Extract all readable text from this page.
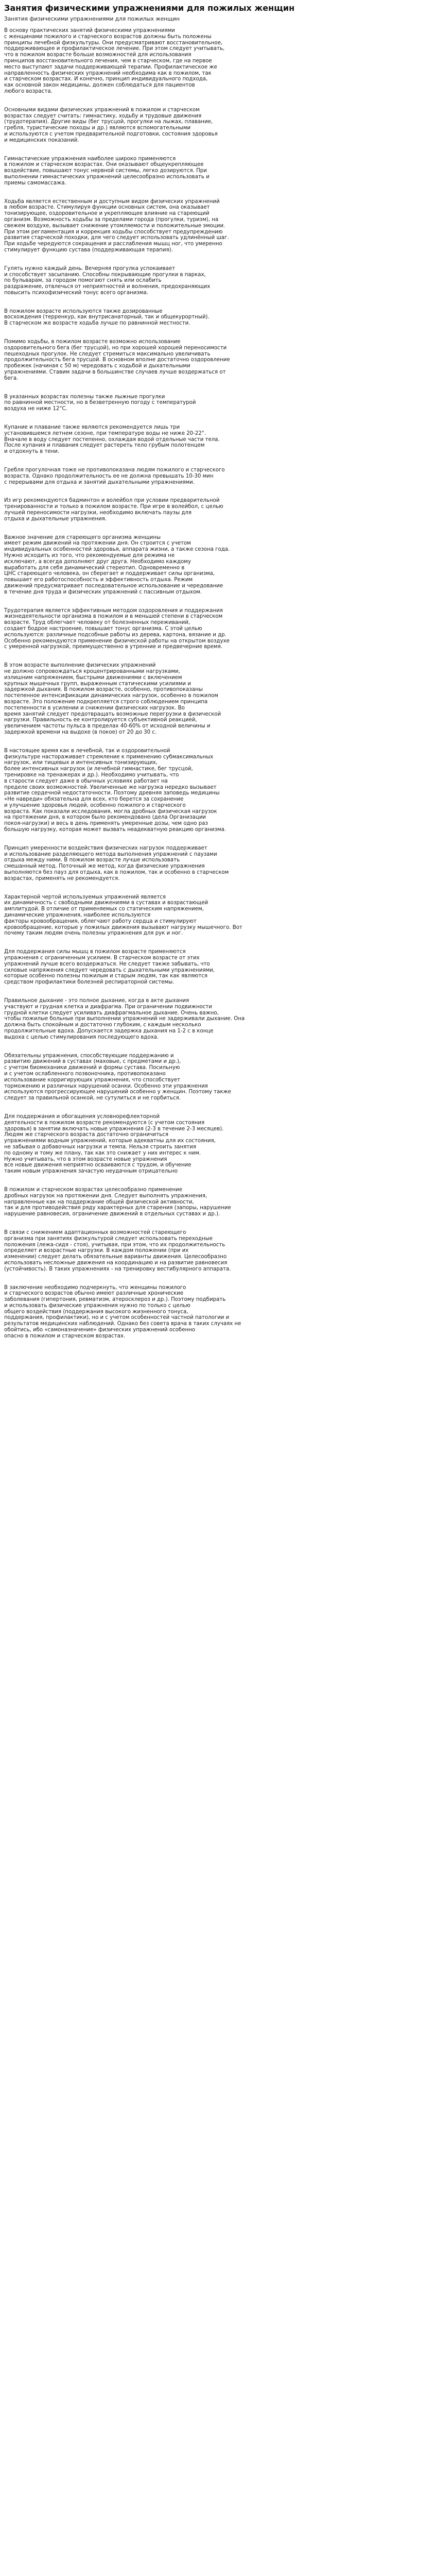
Занятия физическими упражнениями для пожилых женщин
Занятия физическими упражнениями для пожилых женщин

В основу практических занятий физическими упражнениями
с женщинами пожилого и старческого возрастов должны быть положены
принципы лечебной физкультуры. Они предусматривают восстановительное,
поддерживающее и профилактическое лечение. При этом следует учитывать,
что в пожилом возрасте больше возможностей для использования
принципов восстановительного лечения, чем в старческом, где на первое
место выступают задачи поддерживающей терапии. Профилактическое же
направленность физических упражнений необходима как в пожилом, так
и старческом возрастах. И конечно, принцип индивидуального подхода,
как основной закон медицины, должен соблюдаться для пациентов
любого возраста.

Основными видами физических упражнений в пожилом и старческом
возрастах следует считать: гимнастику, ходьбу и трудовые движения
(трудотерапия). Другие виды (бег трусцой, прогулки на лыжах, плавание,
гребля, туристические походы и др.) являются вспомогательными
и используются с учетом предварительной подготовки, состояния здоровья
и медицинских показаний.

Гимнастические упражнения наиболее широко применяются
в пожилом и старческом возрастах. Они оказывают общеукрепляющее
воздействие, повышают тонус нервной системы, легко дозируются. При
выполнении гимнастических упражнений целесообразно использовать и
приемы самомассажа.

Ходьба является естественным и доступным видом физических упражнений
в любом возрасте. Стимулируя функции основных систем, она оказывает
тонизирующее, оздоровительное и укрепляющее влияние на стареющий
организм. Возможность ходьбы за пределами города (прогулки, туризм), на
свежем воздухе, вызывает снижение утомляемости и положительные эмоции.
При этом регламентация и коррекция ходьбы способствует предупреждению
развития старческой походки, для чего следует использовать удлинённый шаг.
При ходьбе чередуются сокращения и расслабления мышц ног, что умеренно
стимулирует функцию сустава (поддерживающая терапия).

Гулять нужно каждый день. Вечерняя прогулка успокаивает
и способствует засыпанию. Способны покрывающие прогулки в парках,
по бульварам, за городом помогают снять или ослабить
раздражение, отвлечься от неприятностей и волнения, предохраняющих
повысить психофизический тонус всего организма.

В пожилом возрасте используются также дозированные
восхождения (терренкур, как внутрисанаторный, так и общекурортный).
В старческом же возрасте ходьба лучше по равнинной местности.

Помимо ходьбы, в пожилом возрасте возможно использование
оздоровительного бега (бег трусцой), но при хорошей хорошей переносимости
пешеходных прогулок. Не следует стремиться максимально увеличивать
продолжительность бега трусцой. В основном вполне достаточно оздоровление
пробежек (начиная с 50 м) чередовать с ходьбой и дыхательными
упражнениями. Ставим задачи в большинстве случаев лучше воздержаться от
бега.

В указанных возрастах полезны также лыжные прогулки
по равнинной местности, но в безветренную погоду с температурой
воздуха не ниже 12°С.

Купание и плавание также являются рекомендуется лишь три
установившемся летнем сезоне, при температуре воды не ниже 20-22°.
Вначале в воду следует постепенно, охлаждая водой отдельные части тела.
После купания и плавания следует растереть тело грубым полотенцем
и отдохнуть в тени.

Гребля прогулочная тоже не противопоказана людям пожилого и старческого
возраста. Однако продолжительность ее не должна превышать 10-30 мин
с перерывами для отдыха и занятий дыхательными упражнениями.

Из игр рекомендуются бадминтон и волейбол при условии предварительной
тренированности и только в пожилом возрасте. При игре в волейбол, с целью
лучшей переносимости нагрузки, необходимо включать паузы для
отдыха и дыхательные упражнения.

Важное значение для стареющего организма женщины
имеет режим движений на протяжении дня. Он строится с учетом
индивидуальных особенностей здоровья, аппарата жизни, а также сезона года.
Нужно исходить из того, что рекомендуемые для режима не
исключают, а всегда дополняют друг друга. Необходимо каждому
выработать для себя динамический стереотип. Одновременно в
ЦНС стареющего человека, он сберегает и поддерживает силы организма,
повышает его работоспособность и эффективность отдыха. Режим
движений предусматривает последовательное использование и чередование
в течение дня труда и физических упражнений с пассивным отдыхом.

Трудотерапия является эффективным методом оздоровления и поддержания
жизнедеятельности организма в пожилом и в меньшей степени в старческом
возрасте. Труд облегчает человеку от болезненных переживаний,
создает бодрое настроение, повышает тонус организма. С этой целью
используются: различные подсобные работы из дерева, картона, вязание и др.
Особенно рекомендуются применение физической работы на открытом воздухе
с умеренной нагрузкой, преимущественно в утренние и предвечерние время.

В этом возрасте выполнение физических упражнений
не должно сопровождаться кроцентрированными нагрузками,
излишним напряжением, быстрыми движениями с включением
крупных мышечных групп, выраженным статическими усилиями и
задержкой дыхания. В пожилом возрасте, особенно, противопоказаны
постепенное интенсификации динамических нагрузок, особенно в пожилом
возрасте. Это положение подкрепляется строго соблюдением принципа
постепенности в усилении и снижении физических нагрузок. Во
время занятий следует предотвращать возможные перегрузки в физической
нагрузки. Правильность ее контролируется субъективной реакцией,
увеличением частоты пульса в пределах 40-60% от исходной величины и
задержкой времени на выдохе (в покое) от 20 до 30 с.

В настоящее время как в лечебной, так и оздоровительной
физкультуре настораживает стремление к применению субмаксимальных
нагрузок, или тищевых и интенсивных тонизирующих,
более интенсивных нагрузок (и лечебной гимнастике, бег трусцой,
тренировке на тренажерах и др.). Необходимо учитывать, что
в старости следует даже в обычных условиях работает на
пределе своих возможностей. Увеличенные же нагрузка нередко вызывает
развитие сердечной недостаточности. Поэтому древняя заповедь медицины
«Не навреди» обязательна для всех, кто берется за сохранение
и улучшение здоровья людей, особенно пожилого и старческого
возраста. Как показали исследования, могла дробных физическая нагрузок
на протяжении дня, в котором было рекомендовано (дела Организации
покоя-нагрузки) и весь в день применять умеренные дозы, чем одно раз
большую нагрузку, которая может вызвать неадекватную реакцию организма.

Принцип умеренности воздействия физических нагрузок поддерживает
и использование разделяющего метода выполнения упражнений с паузами
отдыха между ними. В пожилом возрасте лучше использовать
смешанный метод. Поточный же метод, когда физические упражнения
выполняются без пауз для отдыха, как в пожилом, так и особенно в старческом
возрастах, применять не рекомендуется.

Характерной чертой используемых упражнений является
их динамичность с свободными движениями в суставах и возрастающей
амплитудой. В отличие от применяемых со статическим напряжением,
динамические упражнения, наиболее используются
факторы кровообращения, облегчают работу сердца и стимулируют
кровообращение, которые у пожилых движения вызывают нагрузку мышечного. Вот
почему таким людям очень полезны упражнения для рук и ног.

Для поддержания силы мышц в пожилом возрасте применяются
упражнения с ограниченным усилием. В старческом возрасте от этих
упражнений лучше всего воздержаться. Не следует также забывать, что
силовые напряжения следует чередовать с дыхательными упражнениями,
которые особенно полезны пожилым и старым людям, так как являются
средством профилактики болезней респираторной системы.

Правильное дыхание - это полное дыхание, когда в акте дыхания
участвуют и грудная клетка и диафрагма. При ограничении подвижности
грудной клетки следует усиливать диафрагмальное дыхание. Очень важно,
чтобы пожилые больные при выполнении упражнений не задерживали дыхание. Она
должна быть спокойным и достаточно глубоким, с каждым несколько
продолжительные вдоха. Допускается задержка дыхания на 1-2 с в конце
выдоха с целью стимулирования последующего вдоха.

Обязательны упражнения, способствующие поддержанию и
развитию движений в суставах (маховые, с предметами и др.),
с учетом биомеханики движений и формы сустава. Посильную
и с учетом ослабленного позвоночника, противопоказано
использование корригирующих упражнения, что способствует
торможению и различных нарушений осанки. Особенно эти упражнения
используются прогрессирующее нарушений особенно у женщин. Поэтому также
следует за правильной осанкой, не сутулиться и не горбиться.

Для поддержания и обогащения условнорефлекторной
деятельности в пожилом возрасте рекомендуются (с учетом состояния
здоровья) в занятии включать новые упражнения (2-3 в течение 2-3 месяцев).
Людям же старческого возраста достаточно ограничиться
упражнениями водным упражнений, которые адекватны для их состояния,
не забывая о добавочных нагрузки и темпа. Нельзя строить занятия
по одному и тому же плану, так как это снижает у них интерес к ним.
Нужно учитывать, что в этом возрасте новые упражнения
все новые движения неприятно осваиваются с трудом, и обучение
таким новым упражнения зачастую неудачным отрицательно

В пожилом и старческом возрастах целесообразно применение
дробных нагрузок на протяжении дня. Следует выполнять упражнения,
направленные как на поддержание общей физической активности,
так и для противодействия ряду характерных для старения (запоры, нарушение
нарушение равновесия, ограничение движений в отдельных суставах и др.).

В связи с снижением адаптационных возможностей стареющего
организма при занятиях физкультурой следует использовать переходные
положения (лежа-сидя - стоя), учитывая, при этом, что их продолжительность
определяет и возрастные нагрузки. В каждом положении (при их
изменении) следует делать обязательные варианты движения. Целесообразно
использовать несложные движения на координацию и на развитие равновесия
(устойчивость). В таких упражнениях - на тренировку вестибулярного аппарата.

В заключение необходимо подчеркнуть, что женщины пожилого
и старческого возрастов обычно имеют различные хронические
заболевания (гипертония, ревматизм, атеросклероз и др.). Поэтому подбирать
и использовать физические упражнения нужно по только с целью
общего воздействия (поддержания высокого жизненного тонуса,
поддержания, профилактики), но и с учетом особенностей частной патологии и
результатов медицинских наблюдений. Однако без совета врача в таких случаях не
обойтись, ибо «самоназначение» физических упражнений особенно
опасно в пожилом и старческом возрастах.
